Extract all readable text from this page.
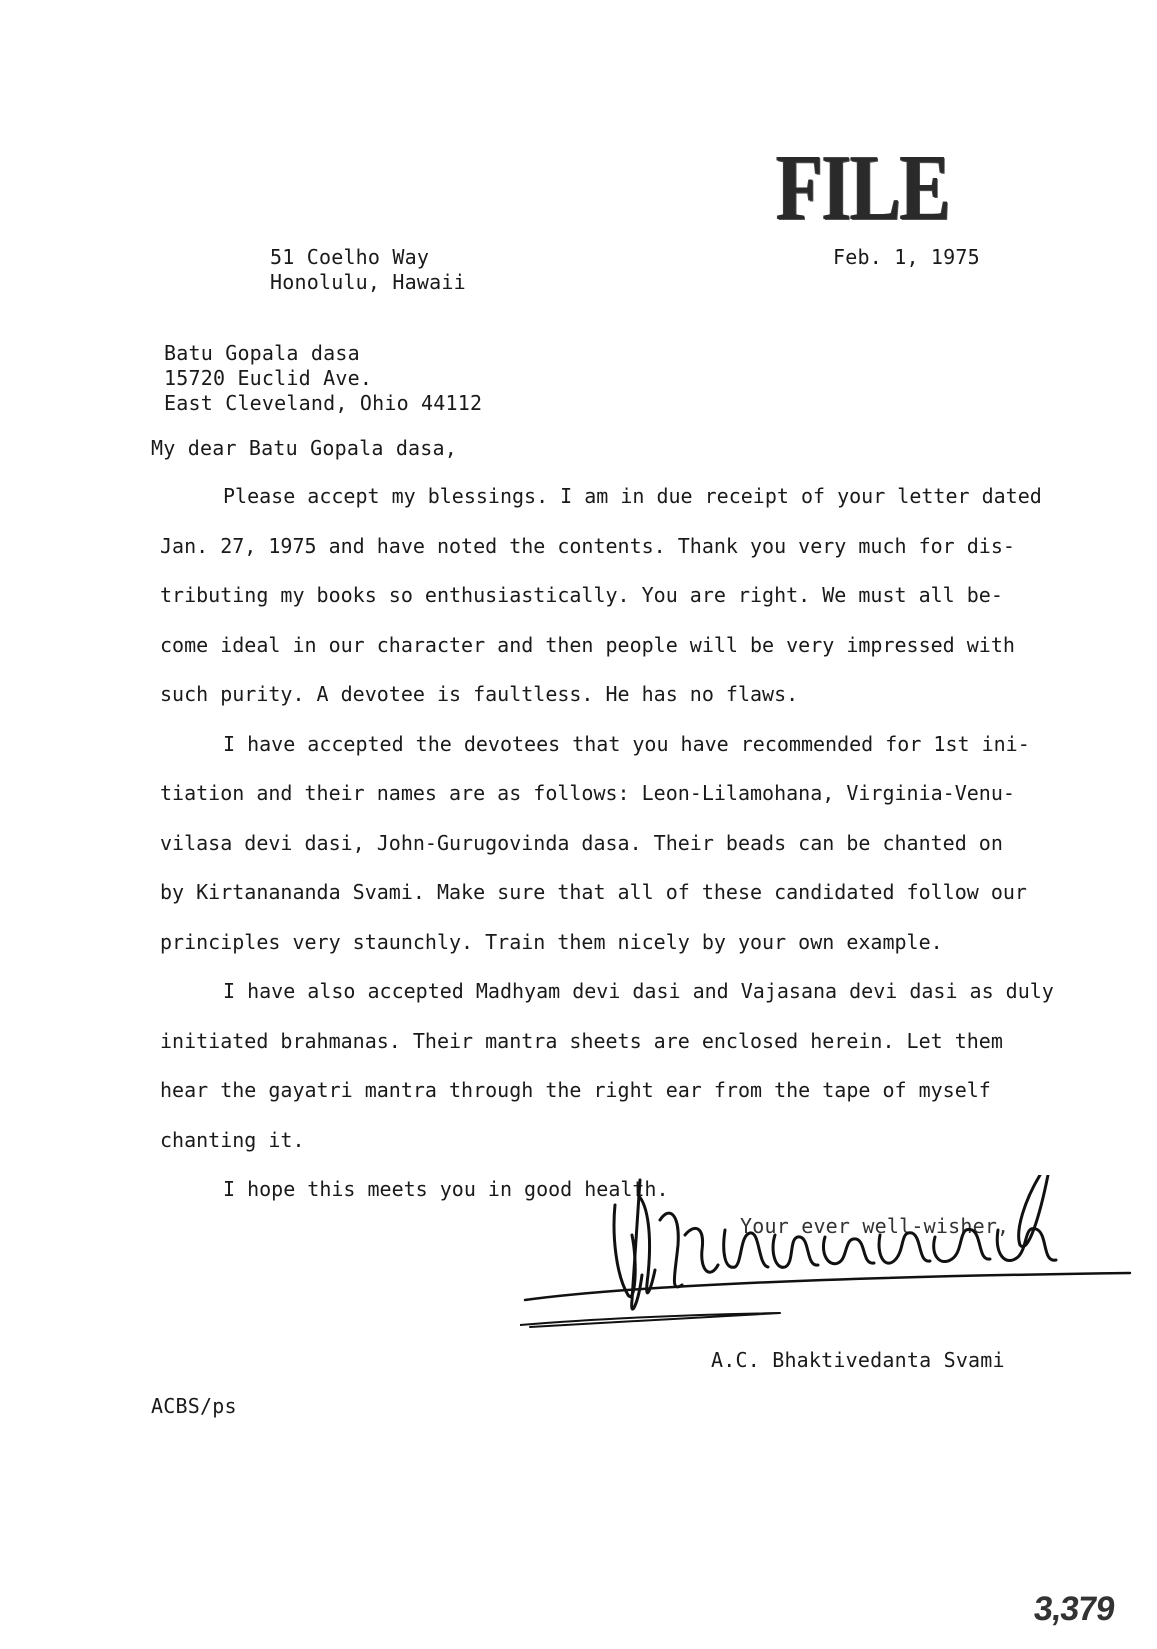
FILE
51 Coelho Way
Honolulu, Hawaii
Feb. 1, 1975
Batu Gopala dasa
15720 Euclid Ave.
East Cleveland, Ohio 44112
My dear Batu Gopala dasa,

Please accept my blessings. I am in due receipt of your letter dated
Jan. 27, 1975 and have noted the contents. Thank you very much for dis-
tributing my books so enthusiastically. You are right. We must all be-
come ideal in our character and then people will be very impressed with
such purity. A devotee is faultless. He has no flaws.

I have accepted the devotees that you have recommended for 1st ini-
tiation and their names are as follows: Leon-Lilamohana, Virginia-Venu-
vilasa devi dasi, John-Gurugovinda dasa. Their beads can be chanted on
by Kirtanananda Svami. Make sure that all of these candidated follow our
principles very staunchly. Train them nicely by your own example.

I have also accepted Madhyam devi dasi and Vajasana devi dasi as duly
initiated brahmanas. Their mantra sheets are enclosed herein. Let them
hear the gayatri mantra through the right ear from the tape of myself
chanting it.

I hope this meets you in good health.

Your ever well-wisher,
A.C. Bhaktivedanta Svami
ACBS/ps
3,379
